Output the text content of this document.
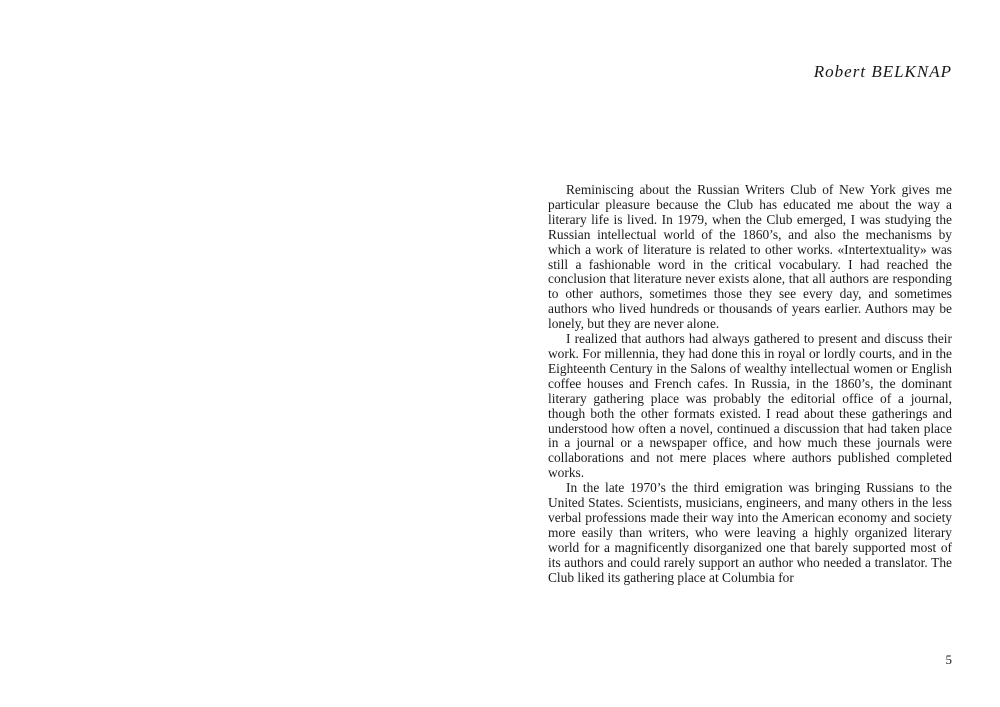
Robert BELKNAP

Reminiscing about the Russian Writers Club of New York gives me particular pleasure because the Club has educated me about the way a literary life is lived. In 1979, when the Club emerged, I was studying the Russian intellectual world of the 1860’s, and also the mechanisms by which a work of literature is related to other works. «Intertextuality» was still a fashionable word in the critical vocabulary. I had reached the conclusion that literature never exists alone, that all authors are responding to other authors, sometimes those they see every day, and sometimes authors who lived hundreds or thousands of years earlier. Authors may be lonely, but they are never alone.

I realized that authors had always gathered to present and discuss their work. For millennia, they had done this in royal or lordly courts, and in the Eighteenth Century in the Salons of wealthy intellectual women or English coffee houses and French cafes. In Russia, in the 1860’s, the dominant literary gathering place was probably the editorial office of a journal, though both the other formats existed. I read about these gatherings and understood how often a novel, continued a discussion that had taken place in a journal or a newspaper office, and how much these journals were collaborations and not mere places where authors published completed works.

In the late 1970’s the third emigration was bringing Russians to the United States. Scientists, musicians, engineers, and many others in the less verbal professions made their way into the American economy and society more easily than writers, who were leaving a highly organized literary world for a magnificently disorganized one that barely supported most of its authors and could rarely support an author who needed a translator. The Club liked its gathering place at Columbia for

5
